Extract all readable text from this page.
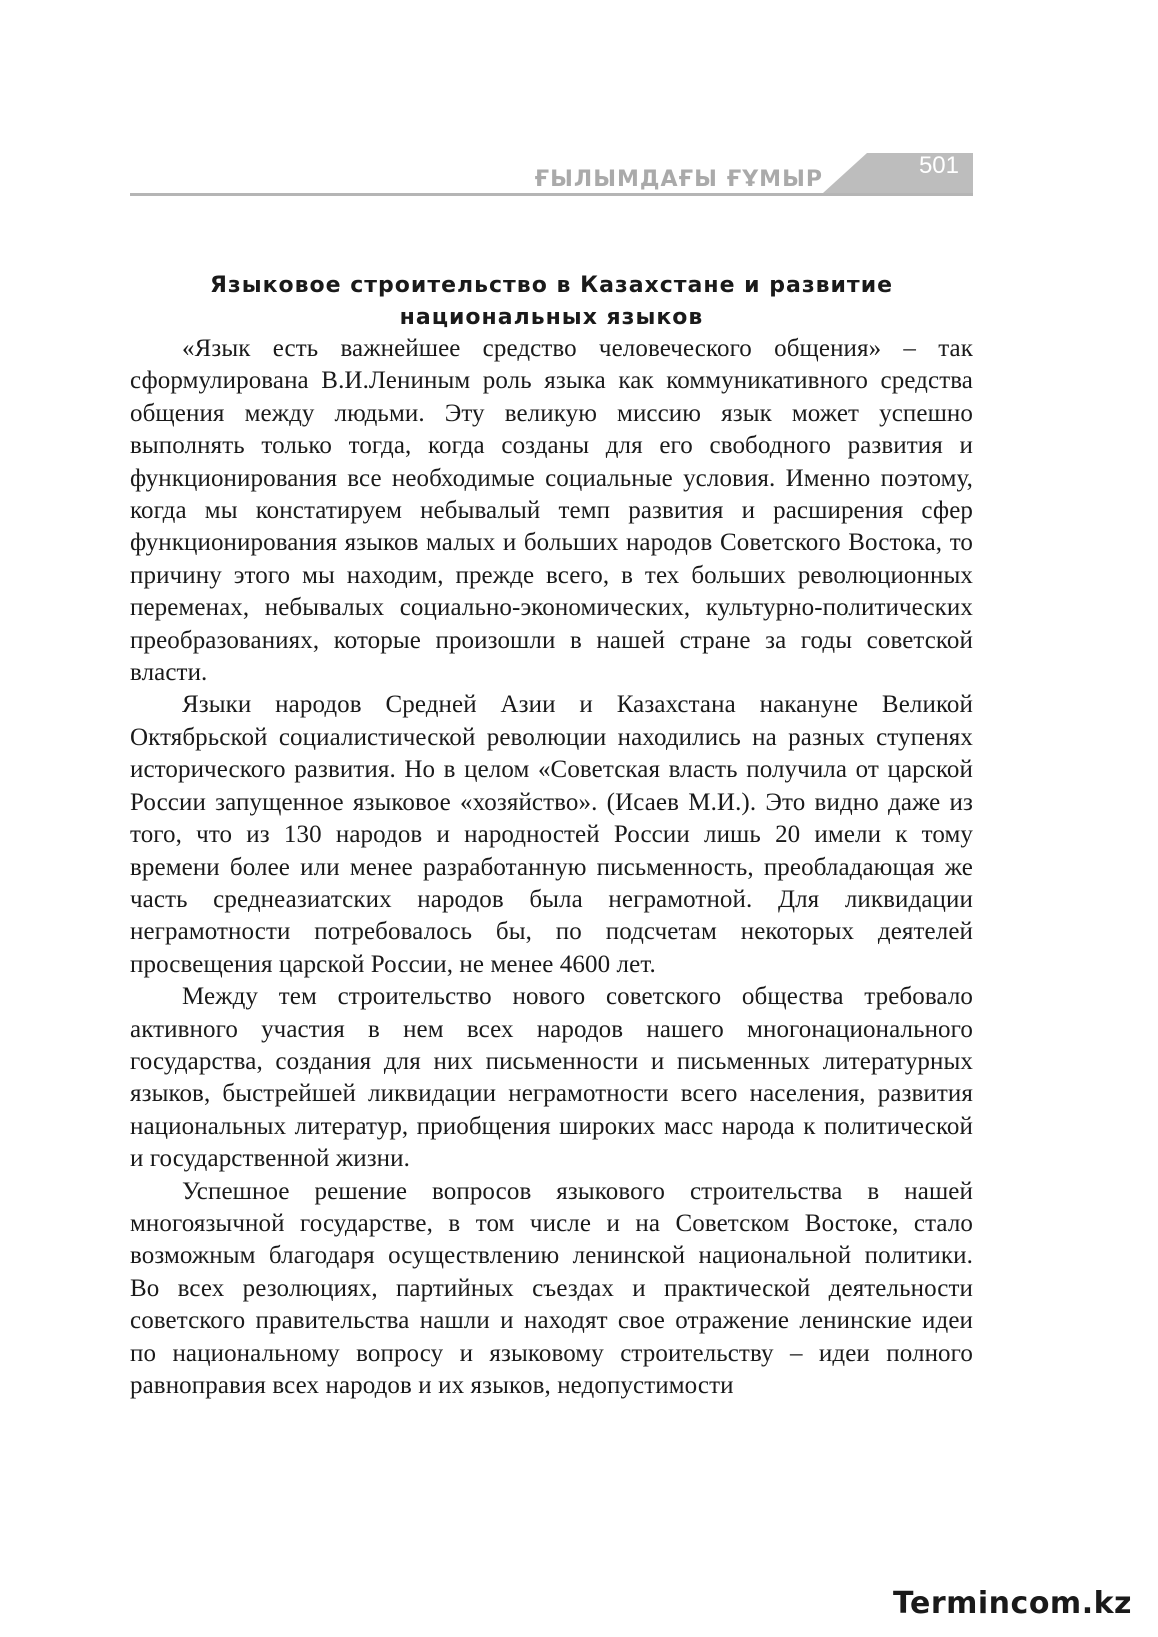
ҒЫЛЫМДАҒЫ ҒҰМЫР
501
Языковое строительство в Казахстане и развитие
национальных языков

«Язык есть важнейшее средство человеческого общения» – так сформулирована В.И.Лениным роль языка как коммуникативного средства общения между людьми. Эту великую миссию язык может успешно выполнять только тогда, когда созданы для его свободного развития и функционирования все необходимые социальные условия. Именно поэтому, когда мы констатируем небывалый темп развития и расширения сфер функционирования языков малых и больших народов Советского Востока, то причину этого мы находим, прежде всего, в тех больших революционных переменах, небывалых социально-экономических, культурно-политических преобразованиях, которые произошли в нашей стране за годы советской власти.

Языки народов Средней Азии и Казахстана накануне Великой Октябрьской социалистической революции находились на разных ступенях исторического развития. Но в целом «Советская власть получила от царской России запущенное языковое «хозяйство». (Исаев М.И.). Это видно даже из того, что из 130 народов и народностей России лишь 20 имели к тому времени более или менее разработанную письменность, преобладающая же часть среднеазиатских народов была неграмотной. Для ликвидации неграмотности потребовалось бы, по подсчетам некоторых деятелей просвещения царской России, не менее 4600 лет.

Между тем строительство нового советского общества требовало активного участия в нем всех народов нашего многонационального государства, создания для них письменности и письменных литературных языков, быстрейшей ликвидации неграмотности всего населения, развития национальных литератур, приобщения широких масс народа к политической и государственной жизни.

Успешное решение вопросов языкового строительства в нашей многоязычной государстве, в том числе и на Советском Востоке, стало возможным благодаря осуществлению ленинской национальной политики. Во всех резолюциях, партийных съездах и практической деятельности советского правительства нашли и находят свое отражение ленинские идеи по национальному вопросу и языковому строительству – идеи полного равноправия всех народов и их языков, недопустимости

Termincom.kz
